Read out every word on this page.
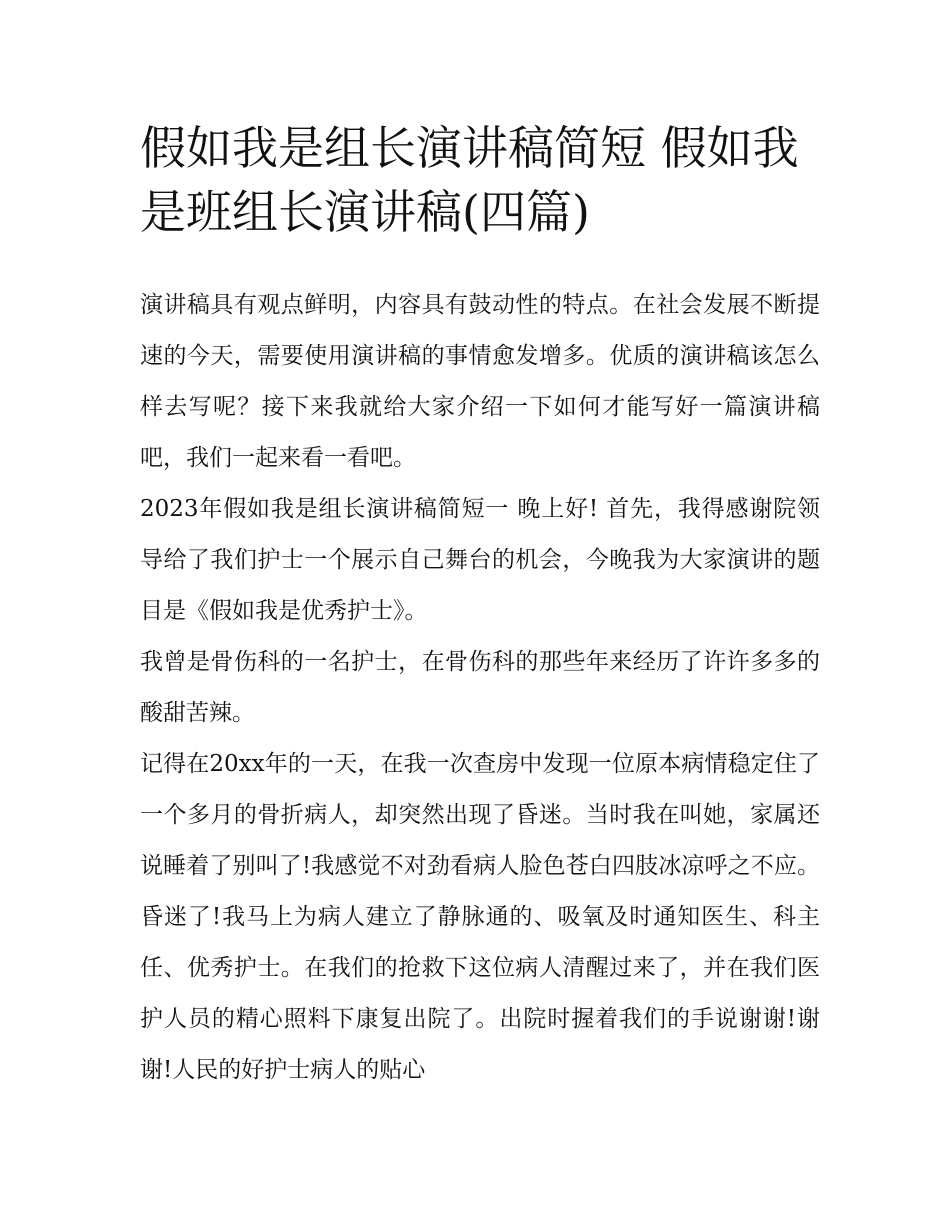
假如我是组长演讲稿简短 假如我是班组长演讲稿(四篇)

演讲稿具有观点鲜明，内容具有鼓动性的特点。在社会发展不断提速的今天，需要使用演讲稿的事情愈发增多。优质的演讲稿该怎么样去写呢？接下来我就给大家介绍一下如何才能写好一篇演讲稿吧，我们一起来看一看吧。

2023年假如我是组长演讲稿简短一 晚上好! 首先，我得感谢院领导给了我们护士一个展示自己舞台的机会，今晚我为大家演讲的题目是《假如我是优秀护士》。

我曾是骨伤科的一名护士，在骨伤科的那些年来经历了许许多多的酸甜苦辣。

记得在20xx年的一天，在我一次查房中发现一位原本病情稳定住了一个多月的骨折病人，却突然出现了昏迷。当时我在叫她，家属还说睡着了别叫了!我感觉不对劲看病人脸色苍白四肢冰凉呼之不应。昏迷了!我马上为病人建立了静脉通的、吸氧及时通知医生、科主任、优秀护士。在我们的抢救下这位病人清醒过来了，并在我们医护人员的精心照料下康复出院了。出院时握着我们的手说谢谢!谢谢!人民的好护士病人的贴心
